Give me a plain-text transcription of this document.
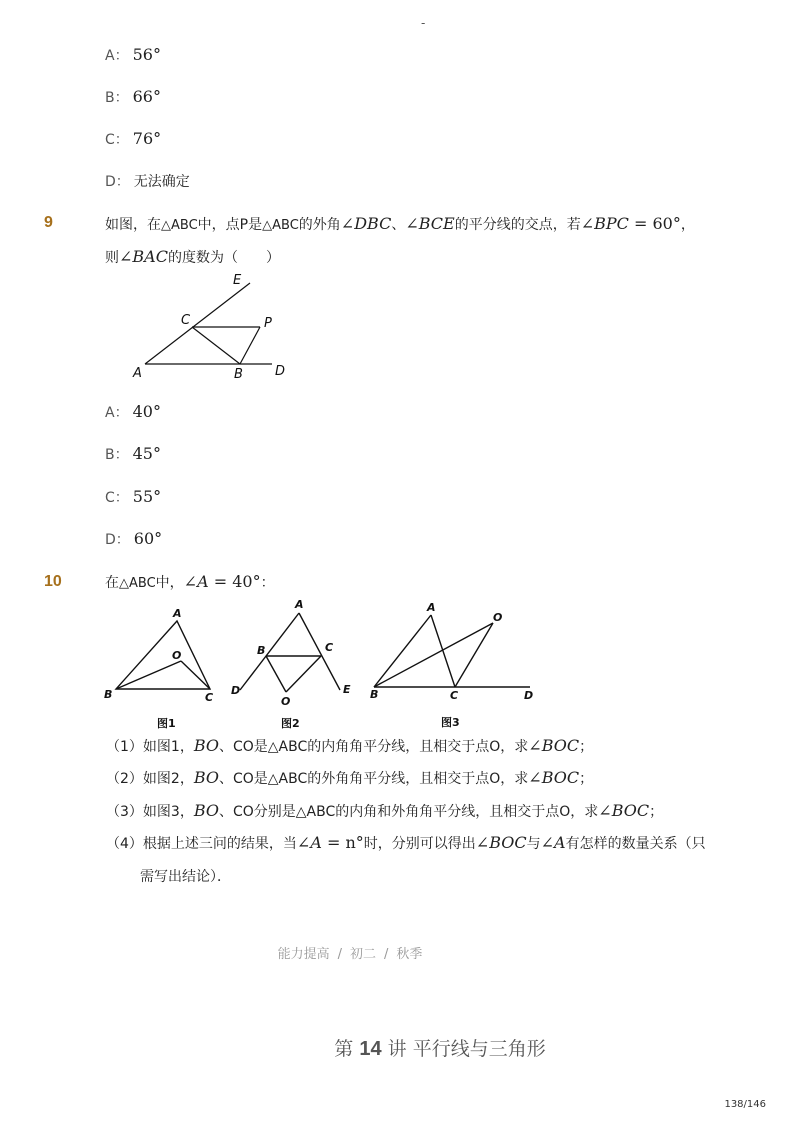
-
A： 56°
B： 66°
C： 76°
D： 无法确定
9	如图，在△ABC中，点P是△ABC的外角∠DBC、∠BCE的平分线的交点，若∠BPC = 60°，
则∠BAC的度数为（　　）
E
C	P
A	B D
A： 40°
B： 45°
C： 55°
D： 60°
10	在△ABC中，∠A = 40°：
A
O
B	C
A
B	C
D
O
E
A
O
B	C	D
图1	图2	图3
（1）如图1，BO、CO是△ABC的内角角平分线，且相交于点O，求∠BOC；
（2）如图2，BO、CO是△ABC的外角角平分线，且相交于点O，求∠BOC；
（3）如图3，BO、CO分别是△ABC的内角和外角角平分线，且相交于点O，求∠BOC；
（4）根据上述三问的结果，当∠A = n°时，分别可以得出∠BOC与∠A有怎样的数量关系（只
需写出结论）．
能力提高 / 初二 / 秋季
第 14 讲 平行线与三角形
138/146
